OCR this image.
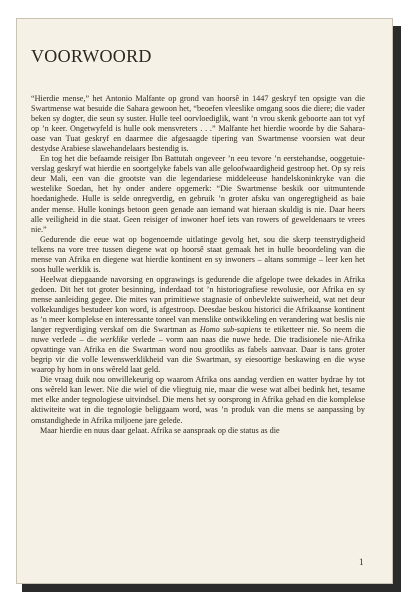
VOORWOORD

“Hierdie mense,” het Antonio Malfante op grond van hoorsê in 1447 geskryf ten opsigte van die Swartmense wat besuide die Sahara gewoon het, “beoefen vleeslike omgang soos die diere; die vader beken sy dogter, die seun sy suster. Hulle teel oorvloediglik, want ’n vrou skenk geboorte aan tot vyf op ’n keer. Ongetwyfeld is hulle ook mensvreters . . .” Malfante het hierdie woorde by die Sahara-oase van Tuat geskryf en daarmee die afgesaagde tipering van Swartmense voorsien wat deur destydse Arabiese slawehandelaars bestendig is.

En tog het die befaamde reisiger Ibn Battutah ongeveer ’n eeu tevore ’n eerstehandse, ooggetuie-verslag geskryf wat hierdie en soortgelyke fabels van alle geloofwaardigheid gestroop het. Op sy reis deur Mali, een van die grootste van die legendariese middeleeuse handelskoninkryke van die westelike Soedan, het hy onder andere opgemerk: “Die Swartmense beskik oor uitmuntende hoedanighede. Hulle is selde onregverdig, en gebruik ’n groter afsku van ongeregtigheid as baie ander mense. Hulle konings betoon geen genade aan iemand wat hieraan skuldig is nie. Daar heers alle veiligheid in die staat. Geen reisiger of inwoner hoef iets van rowers of geweldenaars te vrees nie.”

Gedurende die eeue wat op bogenoemde uitlatinge gevolg het, sou die skerp teenstrydigheid telkens na vore tree tussen diegene wat op hoorsê staat gemaak het in hulle beoordeling van die mense van Afrika en diegene wat hierdie kontinent en sy inwoners – altans sommige – leer ken het soos hulle werklik is.

Heelwat diepgaande navorsing en opgrawings is gedurende die afgelope twee dekades in Afrika gedoen. Dit het tot groter besinning, inderdaad tot ’n historiografiese rewolusie, oor Afrika en sy mense aanleiding gegee. Die mites van primitiewe stagnasie of onbevlekte suiwerheid, wat net deur volkekundiges bestudeer kon word, is afgestroop. Deesdae beskou historici die Afrikaanse kontinent as ’n meer komplekse en interessante toneel van menslike ontwikkeling en verandering wat beslis nie langer regverdiging verskaf om die Swartman as Homo sub-sapiens te etiketteer nie. So neem die nuwe verlede – die werklike verlede – vorm aan naas die nuwe hede. Die tradisionele nie-Afrika opvattinge van Afrika en die Swartman word nou grootliks as fabels aanvaar. Daar is tans groter begrip vir die volle lewenswerklikheid van die Swartman, sy eiesoortige beskawing en die wyse waarop hy hom in ons wêreld laat geld.

Die vraag duik nou onwillekeurig op waarom Afrika ons aandag verdien en watter bydrae hy tot ons wêreld kan lewer. Nie die wiel of die vliegtuig nie, maar die wese wat albei bedink het, tesame met elke ander tegnologiese uitvindsel. Die mens het sy oorsprong in Afrika gehad en die komplekse aktiwiteite wat in die tegnologie beliggaam word, was ’n produk van die mens se aanpassing by omstandighede in Afrika miljoene jare gelede.

Maar hierdie en nuus daar gelaat. Afrika se aanspraak op die status as die

1
